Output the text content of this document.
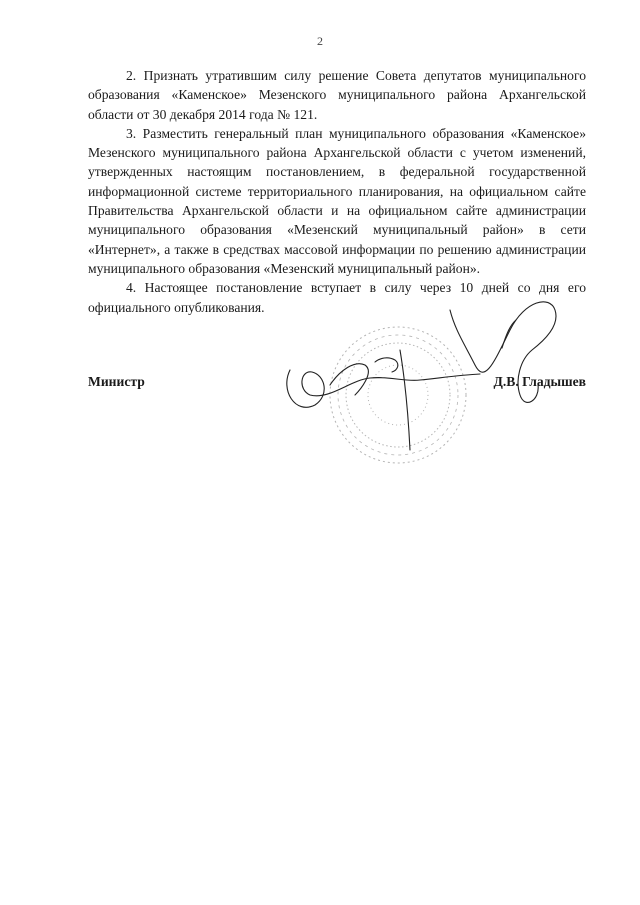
2

2. Признать утратившим силу решение Совета депутатов муниципального образования «Каменское» Мезенского муниципального района Архангельской области от 30 декабря 2014 года № 121.

3. Разместить генеральный план муниципального образования «Каменское» Мезенского муниципального района Архангельской области с учетом изменений, утвержденных настоящим постановлением, в федеральной государственной информационной системе территориального планирования, на официальном сайте Правительства Архангельской области и на официальном сайте администрации муниципального образования «Мезенский муниципальный район» в сети «Интернет», а также в средствах массовой информации по решению администрации муниципального образования «Мезенский муниципальный район».

4. Настоящее постановление вступает в силу через 10 дней со дня его официального опубликования.

Министр	Д.В. Гладышев
